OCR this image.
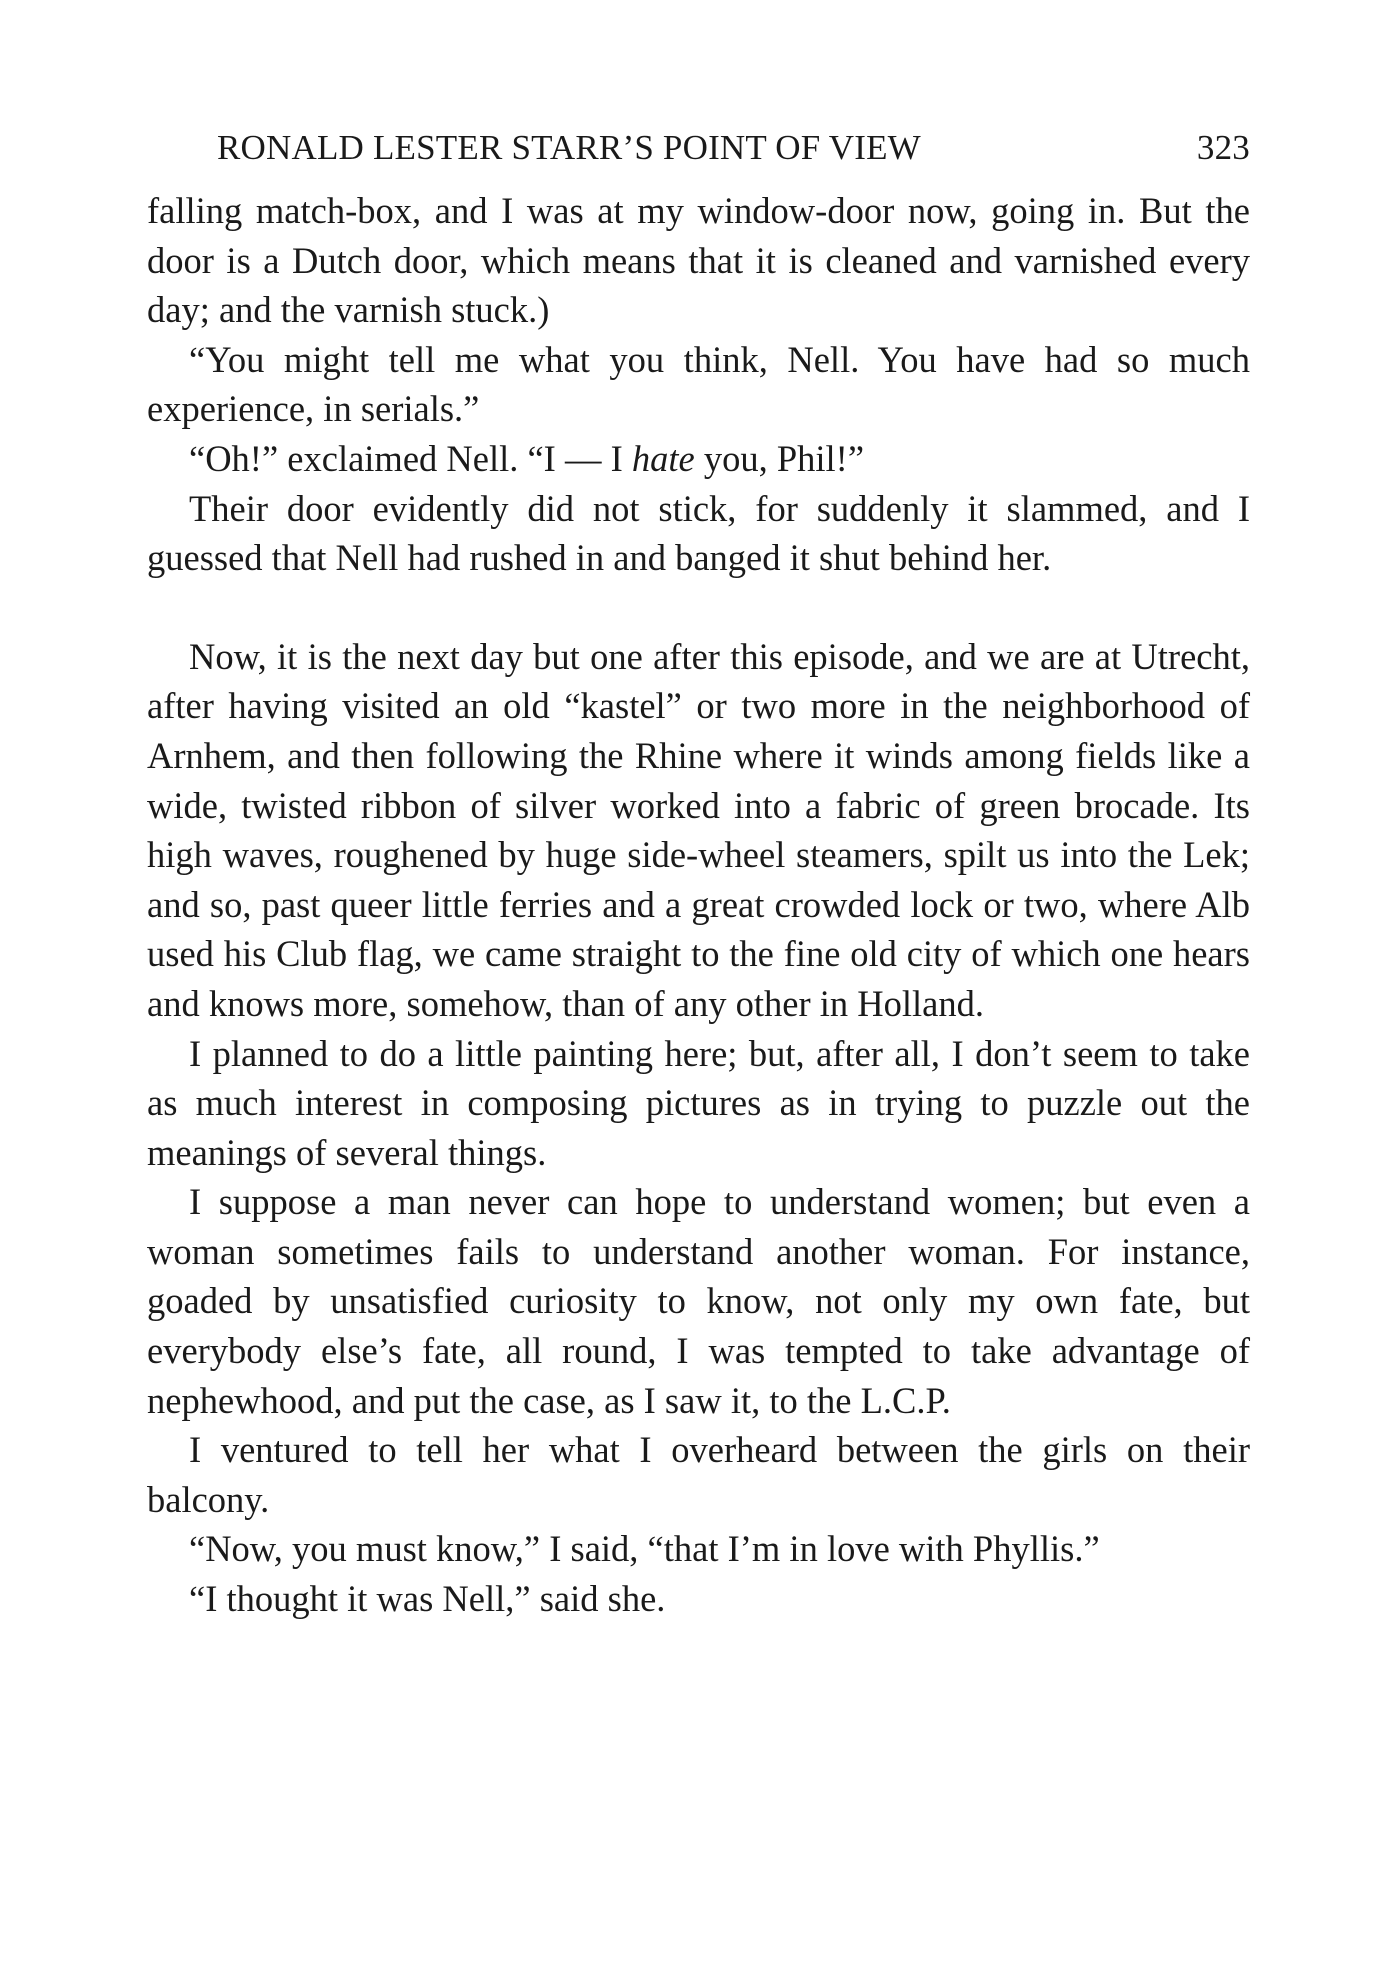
RONALD LESTER STARR’S POINT OF VIEW	323

falling match-box, and I was at my window-door now, going in. But the door is a Dutch door, which means that it is cleaned and varnished every day; and the varnish stuck.)

“You might tell me what you think, Nell. You have had so much experience, in serials.”

“Oh!” exclaimed Nell. “I — I hate you, Phil!”

Their door evidently did not stick, for suddenly it slammed, and I guessed that Nell had rushed in and banged it shut behind her.

Now, it is the next day but one after this episode, and we are at Utrecht, after having visited an old “kastel” or two more in the neighborhood of Arnhem, and then following the Rhine where it winds among fields like a wide, twisted ribbon of silver worked into a fabric of green brocade. Its high waves, roughened by huge side-wheel steamers, spilt us into the Lek; and so, past queer little ferries and a great crowded lock or two, where Alb used his Club flag, we came straight to the fine old city of which one hears and knows more, somehow, than of any other in Holland.

I planned to do a little painting here; but, after all, I don’t seem to take as much interest in composing pictures as in trying to puzzle out the meanings of several things.

I suppose a man never can hope to understand women; but even a woman sometimes fails to understand another woman. For instance, goaded by unsatisfied curiosity to know, not only my own fate, but everybody else’s fate, all round, I was tempted to take advantage of nephewhood, and put the case, as I saw it, to the L.C.P.

I ventured to tell her what I overheard between the girls on their balcony.

“Now, you must know,” I said, “that I’m in love with Phyllis.”

“I thought it was Nell,” said she.
